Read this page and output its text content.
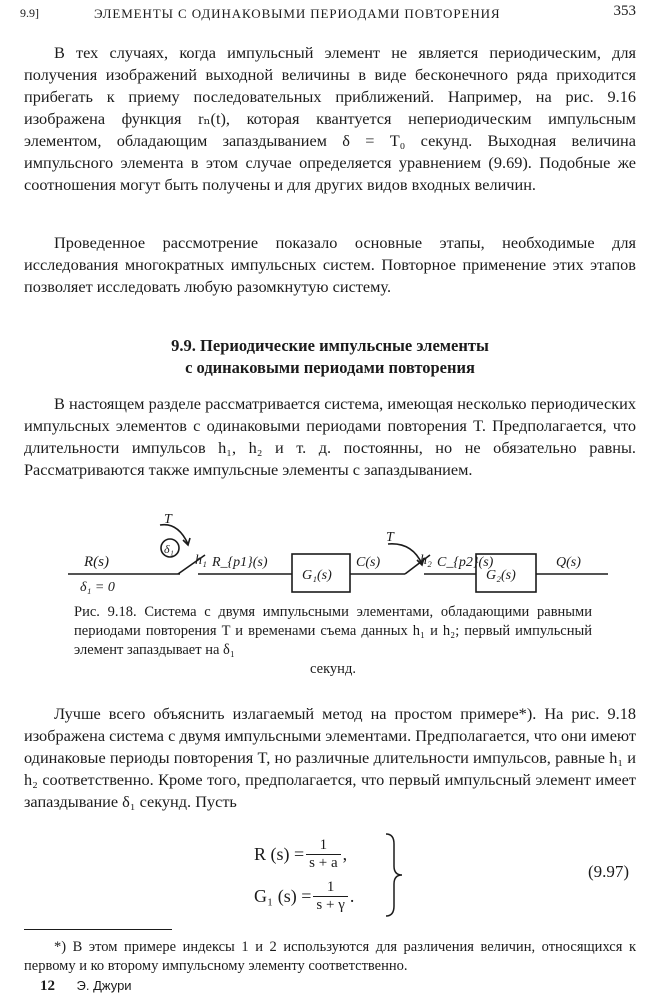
9.9]	ЭЛЕМЕНТЫ С ОДИНАКОВЫМИ ПЕРИОДАМИ ПОВТОРЕНИЯ	353

В тех случаях, когда импульсный элемент не является периодическим, для получения изображений выходной величины в виде бесконечного ряда приходится прибегать к приему последовательных приближений. Например, на рис. 9.16 изображена функция rₙ(t), которая квантуется непериодическим импульсным элементом, обладающим запаздыванием δ = T₀ секунд. Выходная величина импульсного элемента в этом случае определяется уравнением (9.69). Подобные же соотношения могут быть получены и для других видов входных величин.

Проведенное рассмотрение показало основные этапы, необходимые для исследования многократных импульсных систем. Повторное применение этих этапов позволяет исследовать любую разомкнутую систему.

9.9. Периодические импульсные элементы
с одинаковыми периодами повторения

В настоящем разделе рассматривается система, имеющая несколько периодических импульсных элементов с одинаковыми периодами повторения T. Предполагается, что длительности импульсов h₁, h₂ и т. д. постоянны, но не обязательно равны. Рассматриваются также импульсные элементы с запаздыванием.

R(s)
δ₁ = 0
T
δ₁
h₁ R_{p1}(s)
G₁(s)
C(s)
T
h₂ C_{p2}(s)
G₂(s)
Q(s)
Рис. 9.18. Система с двумя импульсными элементами, обладающими равными периодами повторения T и временами съема данных h₁ и h₂; первый импульсный элемент запаздывает на δ₁
секунд.

Лучше всего объяснить излагаемый метод на простом примере*). На рис. 9.18 изображена система с двумя импульсными элементами. Предполагается, что они имеют одинаковые периоды повторения T, но различные длительности импульсов, равные h₁ и h₂ соответственно. Кроме того, предполагается, что первый импульсный элемент имеет запаздывание δ₁ секунд. Пусть

R $(s) = \frac{1}{s + a}$ ,
G₁ $(s) = \frac{1}{s + \gamma}$ .
(9.97)

*) В этом примере индексы 1 и 2 используются для различения величин, относящихся к первому и ко второму импульсному элементу соответственно.

12 Э. Джури
